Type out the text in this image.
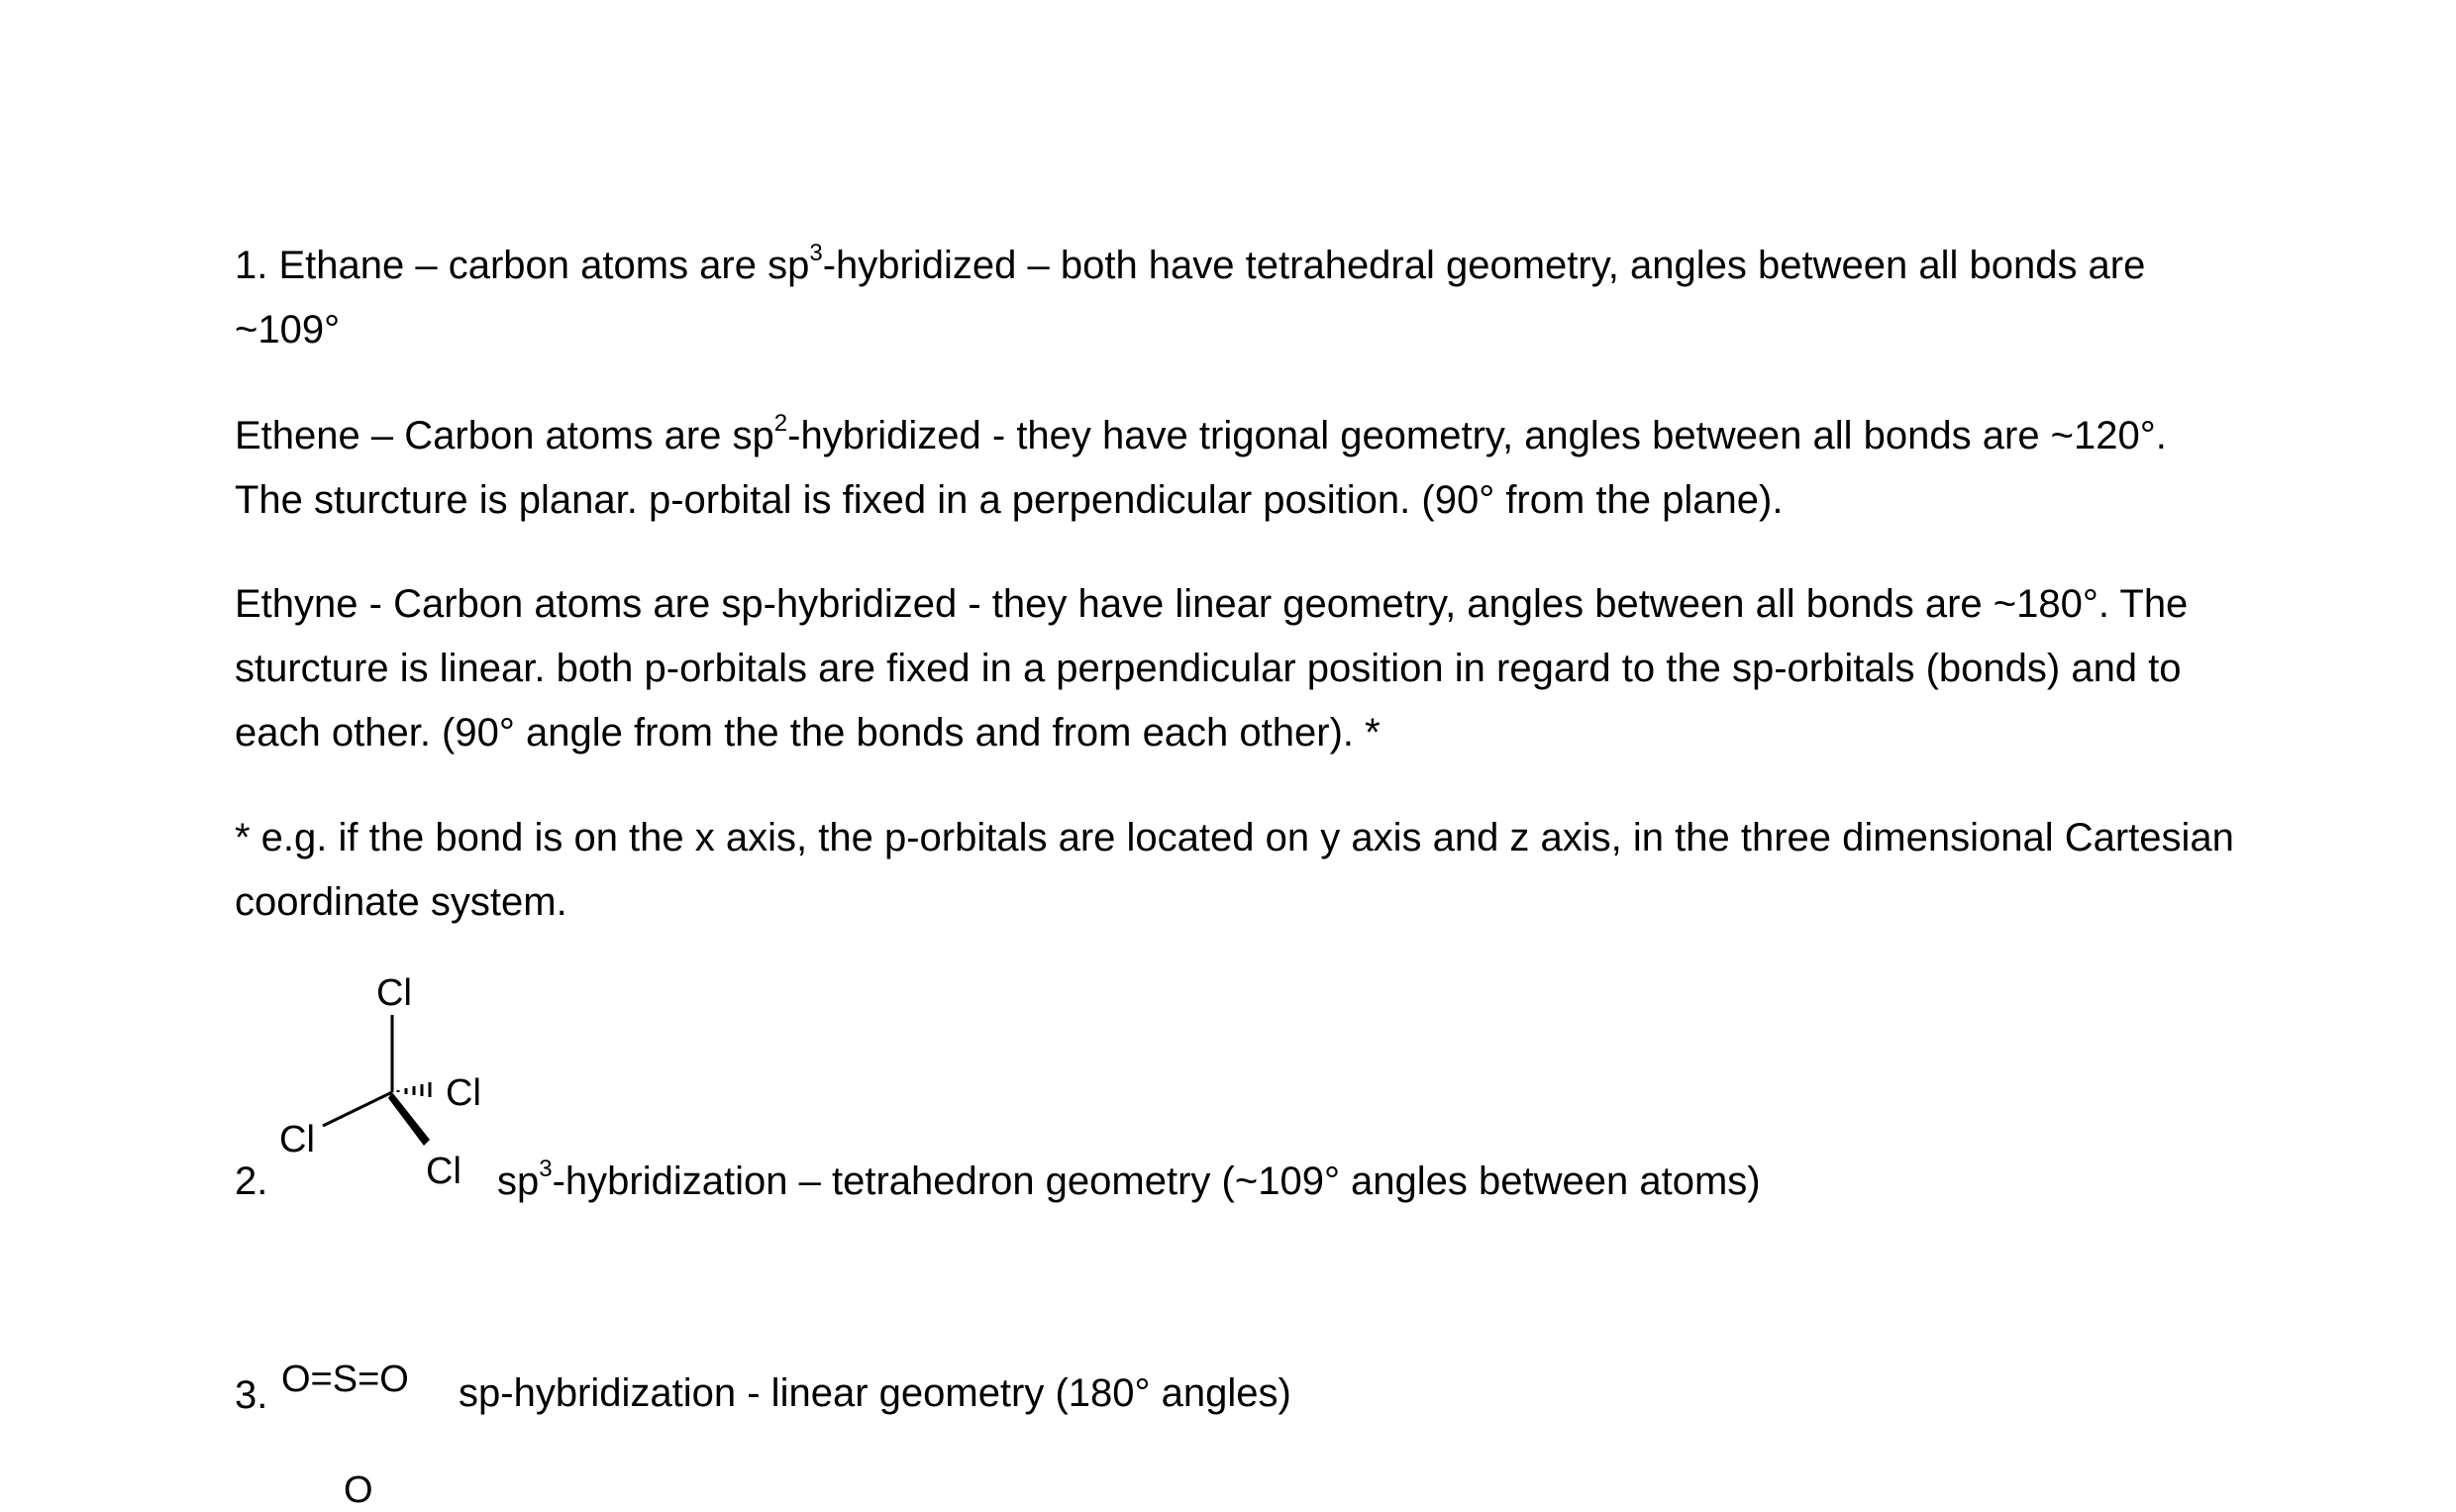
1. Ethane – carbon atoms are $sp^3$-hybridized – both have tetrahedral geometry, angles between all bonds are ~109°

Ethene – Carbon atoms are $sp^2$-hybridized - they have trigonal geometry, angles between all bonds are ~120°. The sturcture is planar. p-orbital is fixed in a perpendicular position. (90° from the plane).

Ethyne - Carbon atoms are sp-hybridized - they have linear geometry, angles between all bonds are ~180°. The sturcture is linear. both p-orbitals are fixed in a perpendicular position in regard to the sp-orbitals (bonds) and to each other. (90° angle from the the bonds and from each other). *

* e.g. if the bond is on the x axis, the p-orbitals are located on y axis and z axis, in the three dimensional Cartesian coordinate system.

2.
Cl
Cl
Cl
Cl $sp^3$-hybridization – tetrahedron geometry (~109° angles between atoms)
3. O=S=O sp-hybridization - linear geometry (180° angles)
O
